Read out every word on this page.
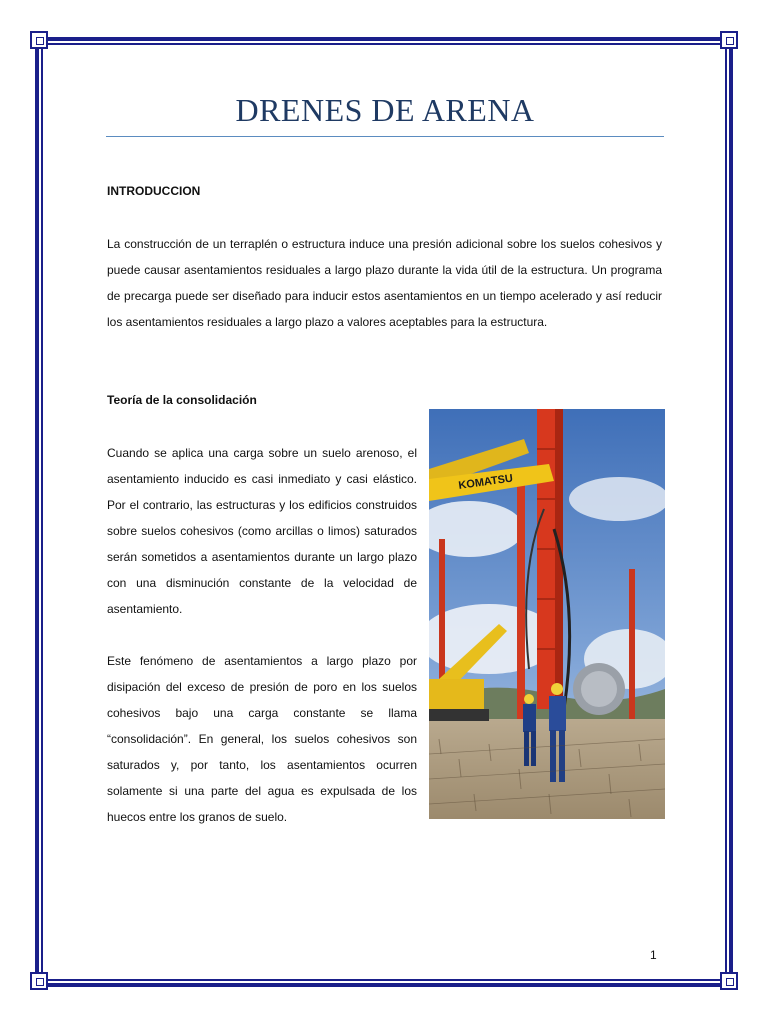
DRENES DE ARENA
INTRODUCCION
La construcción de un terraplén o estructura induce una presión adicional sobre los suelos cohesivos y puede causar asentamientos residuales a largo plazo durante la vida útil de la estructura. Un programa de precarga puede ser diseñado para inducir estos asentamientos en un tiempo acelerado y así reducir los asentamientos residuales a largo plazo a valores aceptables para la estructura.
Teoría de la consolidación
Cuando se aplica una carga sobre un suelo arenoso, el asentamiento inducido es casi inmediato y casi elástico. Por el contrario, las estructuras y los edificios construidos sobre suelos cohesivos (como arcillas o limos) saturados serán sometidos a asentamientos durante un largo plazo con una disminución constante de la velocidad de asentamiento.
Este fenómeno de asentamientos a largo plazo por disipación del exceso de presión de poro en los suelos cohesivos bajo una carga constante se llama “consolidación”. En general, los suelos cohesivos son saturados y, por tanto, los asentamientos ocurren solamente si una parte del agua es expulsada de los huecos entre los granos de suelo.
KOMATSU
1
